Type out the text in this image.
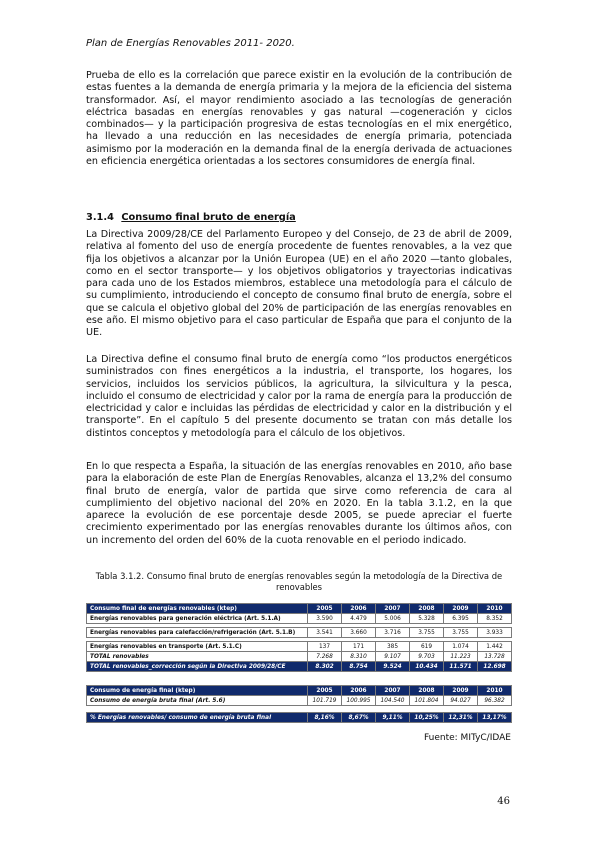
Plan de Energías Renovables 2011- 2020.

Prueba de ello es la correlación que parece existir en la evolución de la contribución de estas fuentes a la demanda de energía primaria y la mejora de la eficiencia del sistema transformador. Así, el mayor rendimiento asociado a las tecnologías de generación eléctrica basadas en energías renovables y gas natural —cogeneración y ciclos combinados— y la participación progresiva de estas tecnologías en el mix energético, ha llevado a una reducción en las necesidades de energía primaria, potenciada asimismo por la moderación en la demanda final de la energía derivada de actuaciones en eficiencia energética orientadas a los sectores consumidores de energía final.

3.1.4 Consumo final bruto de energía

La Directiva 2009/28/CE del Parlamento Europeo y del Consejo, de 23 de abril de 2009, relativa al fomento del uso de energía procedente de fuentes renovables, a la vez que fija los objetivos a alcanzar por la Unión Europea (UE) en el año 2020 —tanto globales, como en el sector transporte— y los objetivos obligatorios y trayectorias indicativas para cada uno de los Estados miembros, establece una metodología para el cálculo de su cumplimiento, introduciendo el concepto de consumo final bruto de energía, sobre el que se calcula el objetivo global del 20% de participación de las energías renovables en ese año. El mismo objetivo para el caso particular de España que para el conjunto de la UE.

La Directiva define el consumo final bruto de energía como “los productos energéticos suministrados con fines energéticos a la industria, el transporte, los hogares, los servicios, incluidos los servicios públicos, la agricultura, la silvicultura y la pesca, incluido el consumo de electricidad y calor por la rama de energía para la producción de electricidad y calor e incluidas las pérdidas de electricidad y calor en la distribución y el transporte”. En el capítulo 5 del presente documento se tratan con más detalle los distintos conceptos y metodología para el cálculo de los objetivos.

En lo que respecta a España, la situación de las energías renovables en 2010, año base para la elaboración de este Plan de Energías Renovables, alcanza el 13,2% del consumo final bruto de energía, valor de partida que sirve como referencia de cara al cumplimiento del objetivo nacional del 20% en 2020. En la tabla 3.1.2, en la que aparece la evolución de ese porcentaje desde 2005, se puede apreciar el fuerte crecimiento experimentado por las energías renovables durante los últimos años, con un incremento del orden del 60% de la cuota renovable en el periodo indicado.

Tabla 3.1.2. Consumo final bruto de energías renovables según la metodología de la Directiva de renovables
Consumo final de energías renovables (ktep)	2005	2006	2007	2008	2009	2010
Energías renovables para generación eléctrica (Art. 5.1.A)	3.590	4.479	5.006	5.328	6.395	8.352

Energías renovables para calefacción/refrigeración (Art. 5.1.B)	3.541	3.660	3.716	3.755	3.755	3.933

Energías renovables en transporte (Art. 5.1.C)	137	171	385	619	1.074	1.442
TOTAL renovables	7.268	8.310	9.107	9.703	11.223	13.728
TOTAL renovables_corrección según la Directiva 2009/28/CE	8.302	8.754	9.524	10.434	11.571	12.698
Consumo de energía final (ktep)	2005	2006	2007	2008	2009	2010
Consumo de energía bruta final (Art. 5.6)	101.719	100.995	104.540	101.804	94.027	96.382

% Energías renovables/ consumo de energía bruta final	8,16%	8,67%	9,11%	10,25%	12,31%	13,17%
Fuente: MITyC/IDAE
46
